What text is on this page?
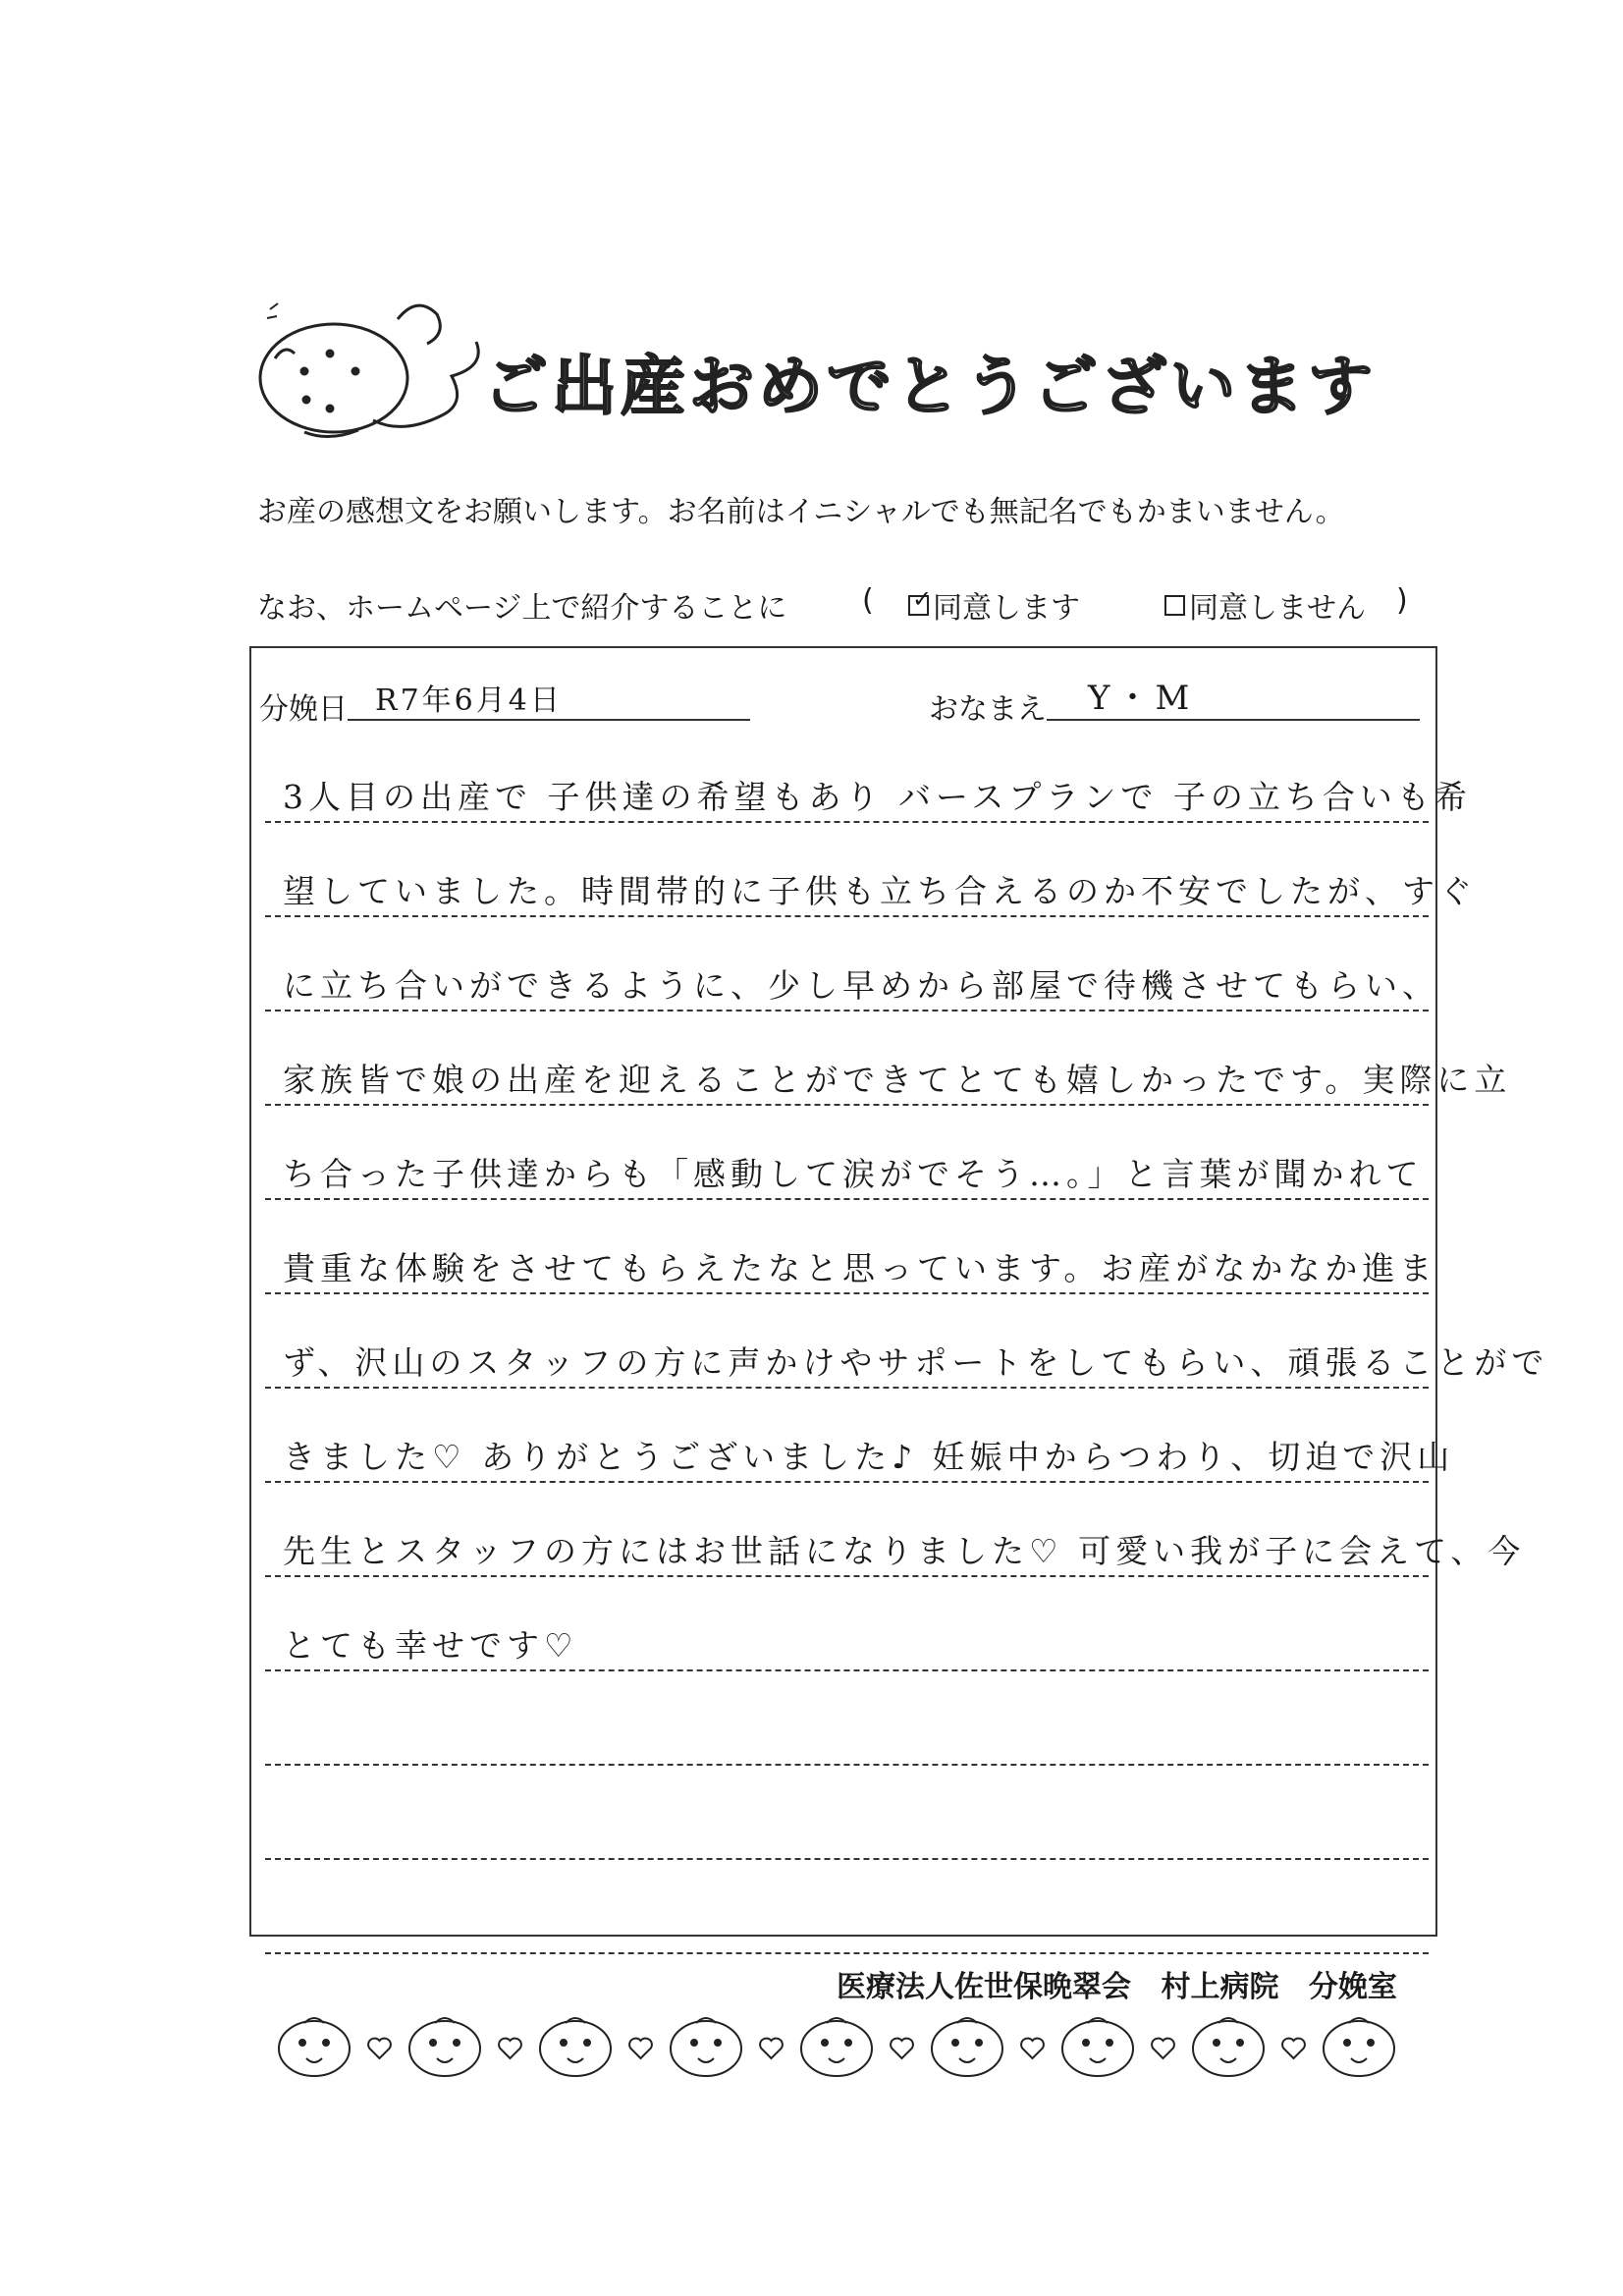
ご出産おめでとうございます
お産の感想文をお願いします。お名前はイニシャルでも無記名でもかまいません。
なお、ホームページ上で紹介することに	( ✓ 同意します	同意しません )
分娩日 R7年6月4日	おなまえ Y・M
3人目の出産で 子供達の希望もあり バースプランで 子の立ち合いも希
望していました。時間帯的に子供も立ち合えるのか不安でしたが、すぐ
に立ち合いができるように、少し早めから部屋で待機させてもらい、
家族皆で娘の出産を迎えることができてとても嬉しかったです。実際に立
ち合った子供達からも「感動して涙がでそう…。」と言葉が聞かれて
貴重な体験をさせてもらえたなと思っています。お産がなかなか進ま
ず、沢山のスタッフの方に声かけやサポートをしてもらい、頑張ることがで
きました♡ ありがとうございました♪ 妊娠中からつわり、切迫で沢山
先生とスタッフの方にはお世話になりました♡ 可愛い我が子に会えて、今
とても幸せです♡
医療法人佐世保晩翠会 村上病院 分娩室
